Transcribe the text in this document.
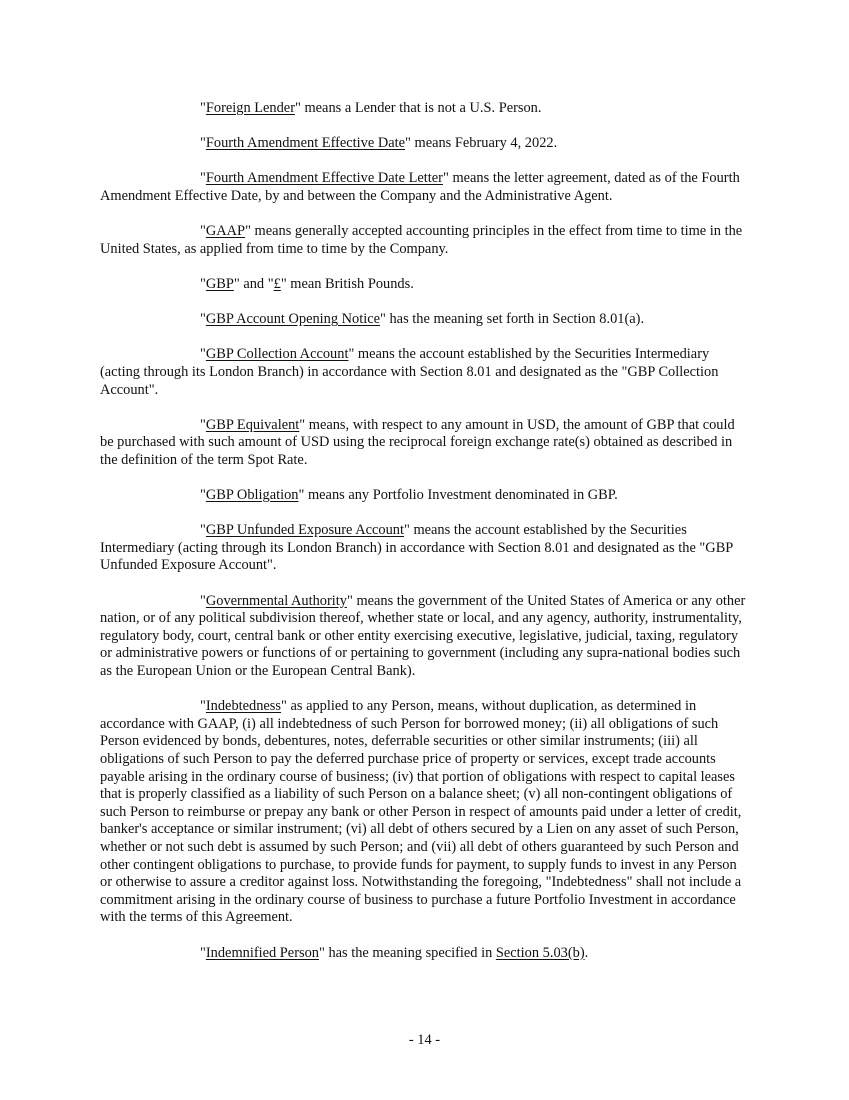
"Foreign Lender" means a Lender that is not a U.S. Person.

"Fourth Amendment Effective Date" means February 4, 2022.

"Fourth Amendment Effective Date Letter" means the letter agreement, dated as of the Fourth Amendment Effective Date, by and between the Company and the Administrative Agent.

"GAAP" means generally accepted accounting principles in the effect from time to time in the United States, as applied from time to time by the Company.

"GBP" and "£" mean British Pounds.

"GBP Account Opening Notice" has the meaning set forth in Section 8.01(a).

"GBP Collection Account" means the account established by the Securities Intermediary (acting through its London Branch) in accordance with Section 8.01 and designated as the "GBP Collection Account".

"GBP Equivalent" means, with respect to any amount in USD, the amount of GBP that could be purchased with such amount of USD using the reciprocal foreign exchange rate(s) obtained as described in the definition of the term Spot Rate.

"GBP Obligation" means any Portfolio Investment denominated in GBP.

"GBP Unfunded Exposure Account" means the account established by the Securities Intermediary (acting through its London Branch) in accordance with Section 8.01 and designated as the "GBP Unfunded Exposure Account".

"Governmental Authority" means the government of the United States of America or any other nation, or of any political subdivision thereof, whether state or local, and any agency, authority, instrumentality, regulatory body, court, central bank or other entity exercising executive, legislative, judicial, taxing, regulatory or administrative powers or functions of or pertaining to government (including any supra-national bodies such as the European Union or the European Central Bank).

"Indebtedness" as applied to any Person, means, without duplication, as determined in accordance with GAAP, (i) all indebtedness of such Person for borrowed money; (ii) all obligations of such Person evidenced by bonds, debentures, notes, deferrable securities or other similar instruments; (iii) all obligations of such Person to pay the deferred purchase price of property or services, except trade accounts payable arising in the ordinary course of business; (iv) that portion of obligations with respect to capital leases that is properly classified as a liability of such Person on a balance sheet; (v) all non-contingent obligations of such Person to reimburse or prepay any bank or other Person in respect of amounts paid under a letter of credit, banker's acceptance or similar instrument; (vi) all debt of others secured by a Lien on any asset of such Person, whether or not such debt is assumed by such Person; and (vii) all debt of others guaranteed by such Person and other contingent obligations to purchase, to provide funds for payment, to supply funds to invest in any Person or otherwise to assure a creditor against loss. Notwithstanding the foregoing, "Indebtedness" shall not include a commitment arising in the ordinary course of business to purchase a future Portfolio Investment in accordance with the terms of this Agreement.

"Indemnified Person" has the meaning specified in Section 5.03(b).

- 14 -
